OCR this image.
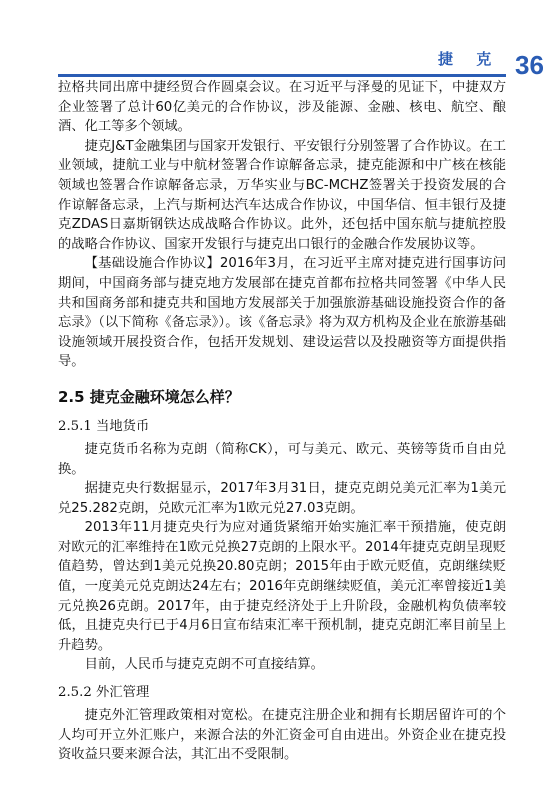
捷 克 36

拉格共同出席中捷经贸合作圆桌会议。在习近平与泽曼的见证下，中捷双方企业签署了总计60亿美元的合作协议，涉及能源、金融、核电、航空、酿酒、化工等多个领域。

捷克J&T金融集团与国家开发银行、平安银行分别签署了合作协议。在工业领域，捷航工业与中航材签署合作谅解备忘录，捷克能源和中广核在核能领域也签署合作谅解备忘录，万华实业与BC-MCHZ签署关于投资发展的合作谅解备忘录，上汽与斯柯达汽车达成合作协议，中国华信、恒丰银行及捷克ZDAS日嘉斯钢铁达成战略合作协议。此外，还包括中国东航与捷航控股的战略合作协议、国家开发银行与捷克出口银行的金融合作发展协议等。

【基础设施合作协议】2016年3月，在习近平主席对捷克进行国事访问期间，中国商务部与捷克地方发展部在捷克首都布拉格共同签署《中华人民共和国商务部和捷克共和国地方发展部关于加强旅游基础设施投资合作的备忘录》（以下简称《备忘录》）。该《备忘录》将为双方机构及企业在旅游基础设施领域开展投资合作，包括开发规划、建设运营以及投融资等方面提供指导。

2.5 捷克金融环境怎么样？
2.5.1 当地货币

捷克货币名称为克朗（简称CK），可与美元、欧元、英镑等货币自由兑换。

据捷克央行数据显示，2017年3月31日，捷克克朗兑美元汇率为1美元兑25.282克朗，兑欧元汇率为1欧元兑27.03克朗。

2013年11月捷克央行为应对通货紧缩开始实施汇率干预措施，使克朗对欧元的汇率维持在1欧元兑换27克朗的上限水平。2014年捷克克朗呈现贬值趋势，曾达到1美元兑换20.80克朗；2015年由于欧元贬值，克朗继续贬值，一度美元兑克朗达24左右；2016年克朗继续贬值，美元汇率曾接近1美元兑换26克朗。2017年，由于捷克经济处于上升阶段，金融机构负债率较低，且捷克央行已于4月6日宣布结束汇率干预机制，捷克克朗汇率目前呈上升趋势。

目前，人民币与捷克克朗不可直接结算。

2.5.2 外汇管理

捷克外汇管理政策相对宽松。在捷克注册企业和拥有长期居留许可的个人均可开立外汇账户，来源合法的外汇资金可自由进出。外资企业在捷克投资收益只要来源合法，其汇出不受限制。
